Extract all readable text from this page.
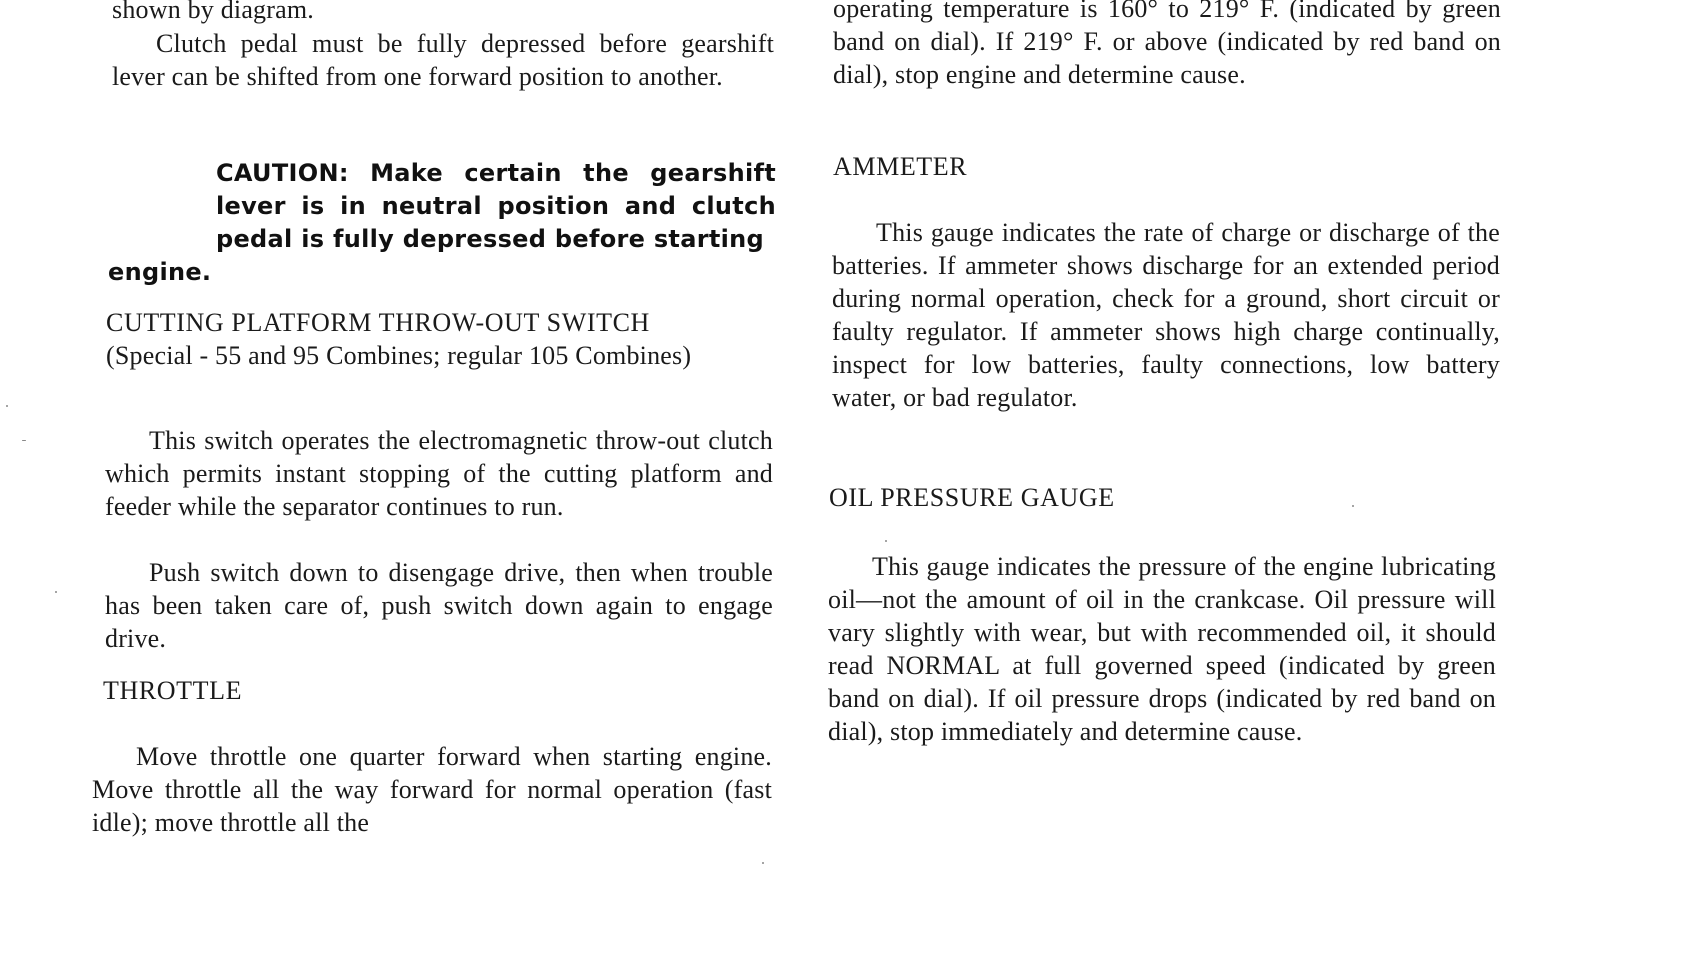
shown by diagram.

Clutch pedal must be fully depressed before gearshift lever can be shifted from one forward position to another.

CAUTION: Make certain the gearshift lever is in neutral position and clutch pedal is fully depressed before starting

engine.

CUTTING PLATFORM THROW-OUT SWITCH

(Special - 55 and 95 Combines; regular 105 Combines)

This switch operates the electromagnetic throw-out clutch which permits instant stopping of the cutting platform and feeder while the separator continues to run.

Push switch down to disengage drive, then when trouble has been taken care of, push switch down again to engage drive.

THROTTLE

Move throttle one quarter forward when starting engine. Move throttle all the way forward for normal operation (fast idle); move throttle all the

operating temperature is 160° to 219° F. (indicated by green band on dial). If 219° F. or above (indicated by red band on dial), stop engine and determine cause.

AMMETER

This gauge indicates the rate of charge or discharge of the batteries. If ammeter shows discharge for an extended period during normal operation, check for a ground, short circuit or faulty regulator. If ammeter shows high charge continually, inspect for low batteries, faulty connections, low battery water, or bad regulator.

OIL PRESSURE GAUGE

This gauge indicates the pressure of the engine lubricating oil—not the amount of oil in the crankcase. Oil pressure will vary slightly with wear, but with recommended oil, it should read NORMAL at full governed speed (indicated by green band on dial). If oil pressure drops (indicated by red band on dial), stop immediately and determine cause.
